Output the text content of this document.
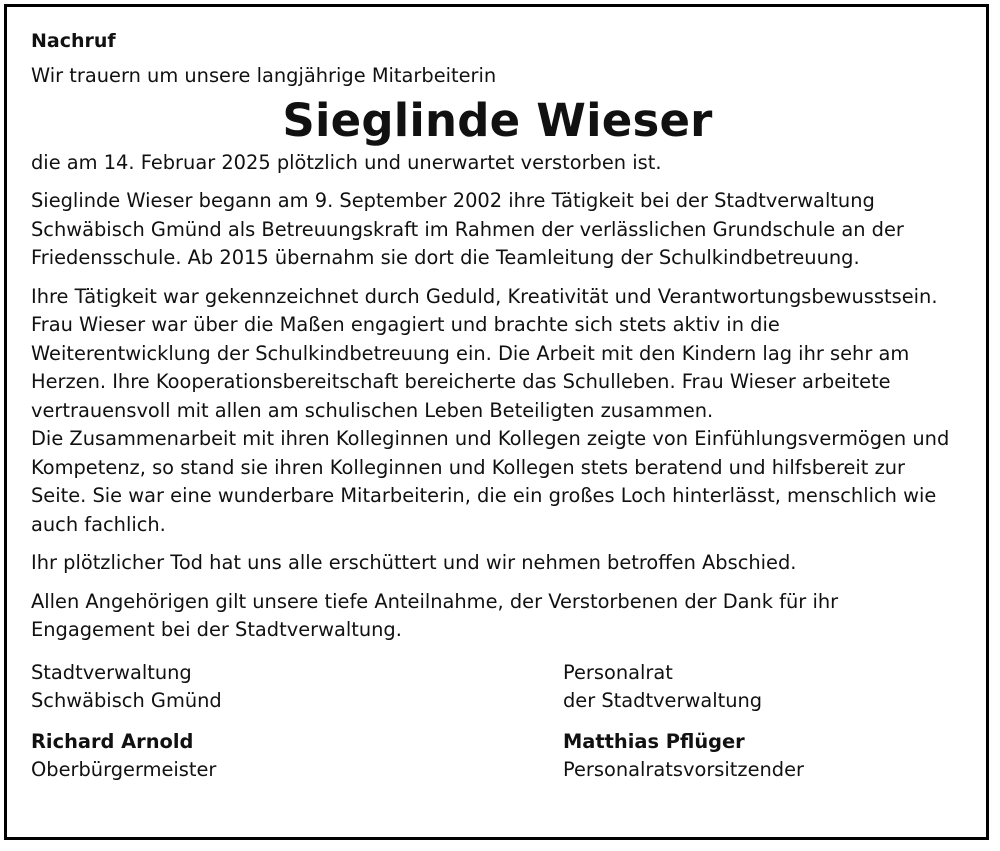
Nachruf
Wir trauern um unsere langjährige Mitarbeiterin
Sieglinde Wieser
die am 14. Februar 2025 plötzlich und unerwartet verstorben ist.
Sieglinde Wieser begann am 9. September 2002 ihre Tätigkeit bei der Stadtverwaltung
Schwäbisch Gmünd als Betreuungskraft im Rahmen der verlässlichen Grundschule an der
Friedensschule. Ab 2015 übernahm sie dort die Teamleitung der Schulkindbetreuung.
Ihre Tätigkeit war gekennzeichnet durch Geduld, Kreativität und Verantwortungsbewusstsein.
Frau Wieser war über die Maßen engagiert und brachte sich stets aktiv in die
Weiterentwicklung der Schulkindbetreuung ein. Die Arbeit mit den Kindern lag ihr sehr am
Herzen. Ihre Kooperationsbereitschaft bereicherte das Schulleben. Frau Wieser arbeitete
vertrauensvoll mit allen am schulischen Leben Beteiligten zusammen.
Die Zusammenarbeit mit ihren Kolleginnen und Kollegen zeigte von Einfühlungsvermögen und
Kompetenz, so stand sie ihren Kolleginnen und Kollegen stets beratend und hilfsbereit zur
Seite. Sie war eine wunderbare Mitarbeiterin, die ein großes Loch hinterlässt, menschlich wie
auch fachlich.
Ihr plötzlicher Tod hat uns alle erschüttert und wir nehmen betroffen Abschied.
Allen Angehörigen gilt unsere tiefe Anteilnahme, der Verstorbenen der Dank für ihr
Engagement bei der Stadtverwaltung.
Stadtverwaltung
Schwäbisch Gmünd
Richard Arnold
Oberbürgermeister
Personalrat
der Stadtverwaltung
Matthias Pflüger
Personalratsvorsitzender
